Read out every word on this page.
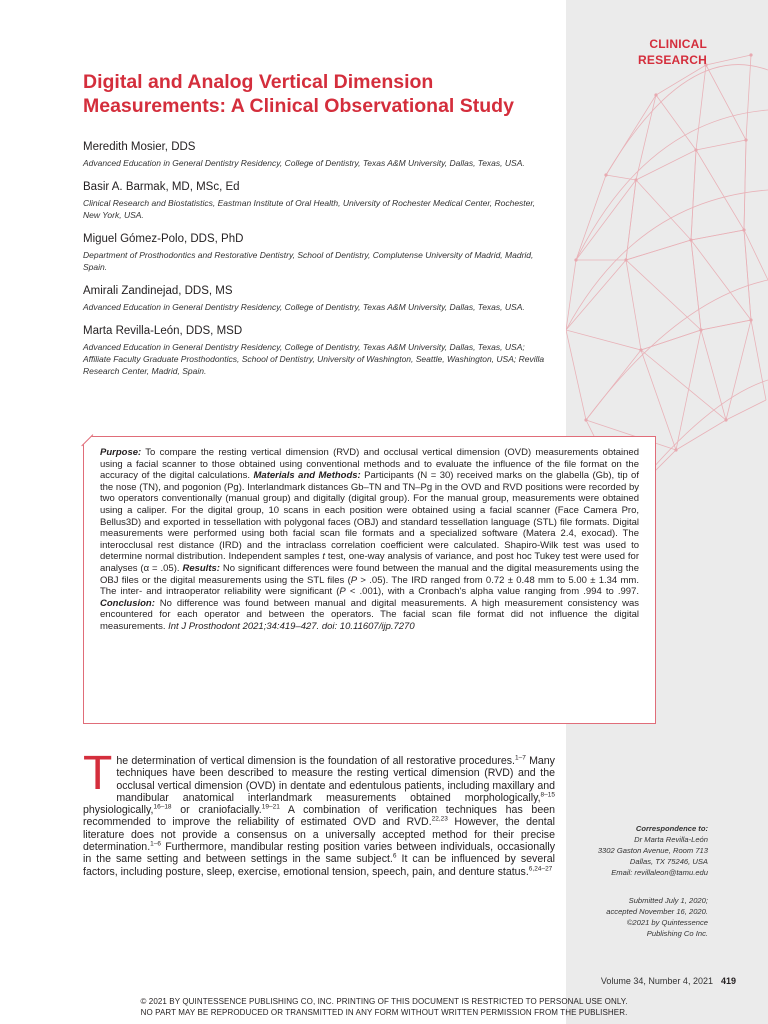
CLINICAL
RESEARCH
Digital and Analog Vertical Dimension Measurements: A Clinical Observational Study
Meredith Mosier, DDS
Advanced Education in General Dentistry Residency, College of Dentistry, Texas A&M University, Dallas, Texas, USA.
Basir A. Barmak, MD, MSc, Ed
Clinical Research and Biostatistics, Eastman Institute of Oral Health, University of Rochester Medical Center, Rochester, New York, USA.
Miguel Gómez-Polo, DDS, PhD
Department of Prosthodontics and Restorative Dentistry, School of Dentistry, Complutense University of Madrid, Madrid, Spain.
Amirali Zandinejad, DDS, MS
Advanced Education in General Dentistry Residency, College of Dentistry, Texas A&M University, Dallas, Texas, USA.
Marta Revilla-León, DDS, MSD
Advanced Education in General Dentistry Residency, College of Dentistry, Texas A&M University, Dallas, Texas, USA; Affiliate Faculty Graduate Prosthodontics, School of Dentistry, University of Washington, Seattle, Washington, USA; Revilla Research Center, Madrid, Spain.
Purpose: To compare the resting vertical dimension (RVD) and occlusal vertical dimension (OVD) measurements obtained using a facial scanner to those obtained using conventional methods and to evaluate the influence of the file format on the accuracy of the digital calculations. Materials and Methods: Participants (N = 30) received marks on the glabella (Gb), tip of the nose (TN), and pogonion (Pg). Interlandmark distances Gb–TN and TN–Pg in the OVD and RVD positions were recorded by two operators conventionally (manual group) and digitally (digital group). For the manual group, measurements were obtained using a caliper. For the digital group, 10 scans in each position were obtained using a facial scanner (Face Camera Pro, Bellus3D) and exported in tessellation with polygonal faces (OBJ) and standard tessellation language (STL) file formats. Digital measurements were performed using both facial scan file formats and a specialized software (Matera 2.4, exocad). The interocclusal rest distance (IRD) and the intraclass correlation coefficient were calculated. Shapiro-Wilk test was used to determine normal distribution. Independent samples t test, one-way analysis of variance, and post hoc Tukey test were used for analyses (α = .05). Results: No significant differences were found between the manual and the digital measurements using the OBJ files or the digital measurements using the STL files (P > .05). The IRD ranged from 0.72 ± 0.48 mm to 5.00 ± 1.34 mm. The inter- and intraoperator reliability were significant (P < .001), with a Cronbach's alpha value ranging from .994 to .997. Conclusion: No difference was found between manual and digital measurements. A high measurement consistency was encountered for each operator and between the operators. The facial scan file format did not influence the digital measurements. Int J Prosthodont 2021;34:419–427. doi: 10.11607/ijp.7270
The determination of vertical dimension is the foundation of all restorative procedures.$^{1-7}$ Many techniques have been described to measure the resting vertical dimension (RVD) and the occlusal vertical dimension (OVD) in dentate and edentulous patients, including maxillary and mandibular anatomical interlandmark measurements obtained morphologically,$^{8-15}$ physiologically,$^{16-18}$ or craniofacially.$^{19-21}$ A combination of verification techniques has been recommended to improve the reliability of estimated OVD and RVD.$^{22,23}$ However, the dental literature does not provide a consensus on a universally accepted method for their precise determination.$^{1-6}$ Furthermore, mandibular resting position varies between individuals, occasionally in the same setting and between settings in the same subject.$^6$ It can be influenced by several factors, including posture, sleep, exercise, emotional tension, speech, pain, and denture status.$^{6,24-27}$
Correspondence to:
Dr Marta Revilla-León
3302 Gaston Avenue, Room 713
Dallas, TX 75246, USA
Email: revillaleon@tamu.edu
Submitted July 1, 2020;
accepted November 16, 2020.
©2021 by Quintessence
Publishing Co Inc.
Volume 34, Number 4, 2021 419
© 2021 BY QUINTESSENCE PUBLISHING CO, INC. PRINTING OF THIS DOCUMENT IS RESTRICTED TO PERSONAL USE ONLY.
NO PART MAY BE REPRODUCED OR TRANSMITTED IN ANY FORM WITHOUT WRITTEN PERMISSION FROM THE PUBLISHER.
